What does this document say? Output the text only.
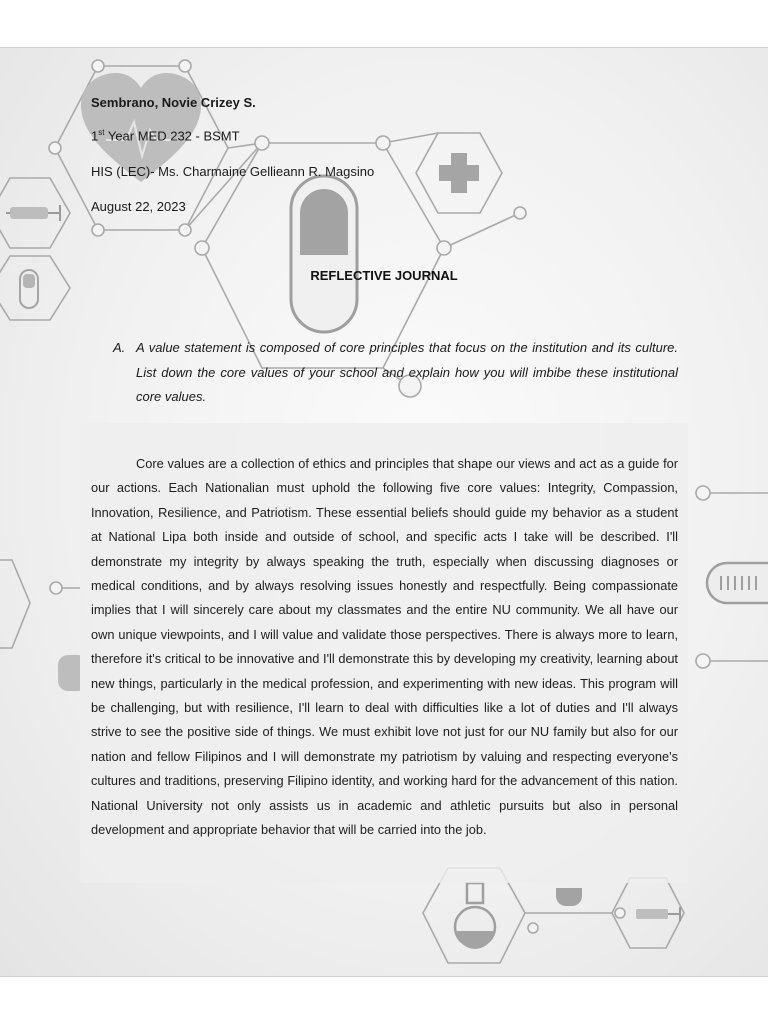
Sembrano, Novie Crizey S.
1st Year MED 232 - BSMT
HIS (LEC)- Ms. Charmaine Gellieann R. Magsino
August 22, 2023
REFLECTIVE JOURNAL
A. A value statement is composed of core principles that focus on the institution and its culture. List down the core values of your school and explain how you will imbibe these institutional core values.
Core values are a collection of ethics and principles that shape our views and act as a guide for our actions. Each Nationalian must uphold the following five core values: Integrity, Compassion, Innovation, Resilience, and Patriotism. These essential beliefs should guide my behavior as a student at National Lipa both inside and outside of school, and specific acts I take will be described. I'll demonstrate my integrity by always speaking the truth, especially when discussing diagnoses or medical conditions, and by always resolving issues honestly and respectfully. Being compassionate implies that I will sincerely care about my classmates and the entire NU community. We all have our own unique viewpoints, and I will value and validate those perspectives. There is always more to learn, therefore it's critical to be innovative and I'll demonstrate this by developing my creativity, learning about new things, particularly in the medical profession, and experimenting with new ideas. This program will be challenging, but with resilience, I'll learn to deal with difficulties like a lot of duties and I'll always strive to see the positive side of things. We must exhibit love not just for our NU family but also for our nation and fellow Filipinos and I will demonstrate my patriotism by valuing and respecting everyone's cultures and traditions, preserving Filipino identity, and working hard for the advancement of this nation. National University not only assists us in academic and athletic pursuits but also in personal development and appropriate behavior that will be carried into the job.
